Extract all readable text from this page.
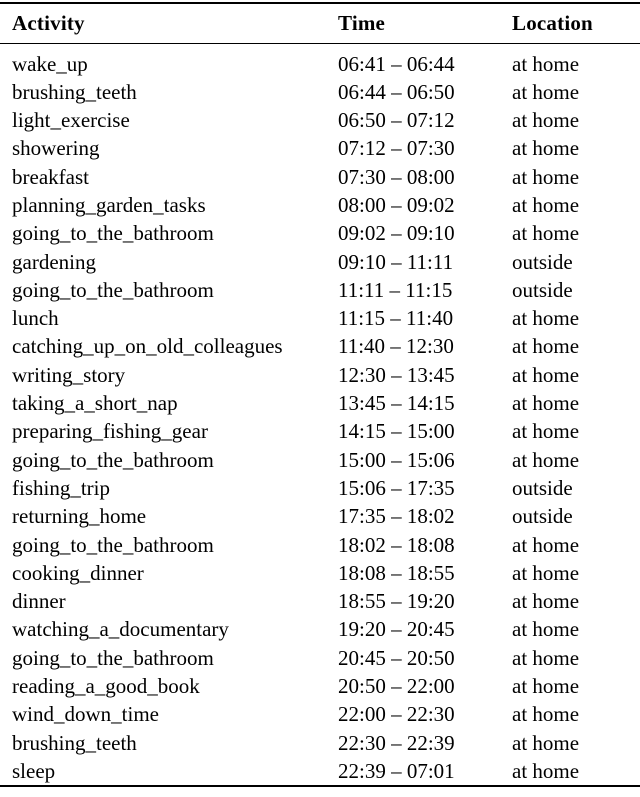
Activity	Time	Location
wake_up	06:41 – 06:44	at home
brushing_teeth	06:44 – 06:50	at home
light_exercise	06:50 – 07:12	at home
showering	07:12 – 07:30	at home
breakfast	07:30 – 08:00	at home
planning_garden_tasks	08:00 – 09:02	at home
going_to_the_bathroom	09:02 – 09:10	at home
gardening	09:10 – 11:11	outside
going_to_the_bathroom	11:11 – 11:15	outside
lunch	11:15 – 11:40	at home
catching_up_on_old_colleagues	11:40 – 12:30	at home
writing_story	12:30 – 13:45	at home
taking_a_short_nap	13:45 – 14:15	at home
preparing_fishing_gear	14:15 – 15:00	at home
going_to_the_bathroom	15:00 – 15:06	at home
fishing_trip	15:06 – 17:35	outside
returning_home	17:35 – 18:02	outside
going_to_the_bathroom	18:02 – 18:08	at home
cooking_dinner	18:08 – 18:55	at home
dinner	18:55 – 19:20	at home
watching_a_documentary	19:20 – 20:45	at home
going_to_the_bathroom	20:45 – 20:50	at home
reading_a_good_book	20:50 – 22:00	at home
wind_down_time	22:00 – 22:30	at home
brushing_teeth	22:30 – 22:39	at home
sleep	22:39 – 07:01	at home
